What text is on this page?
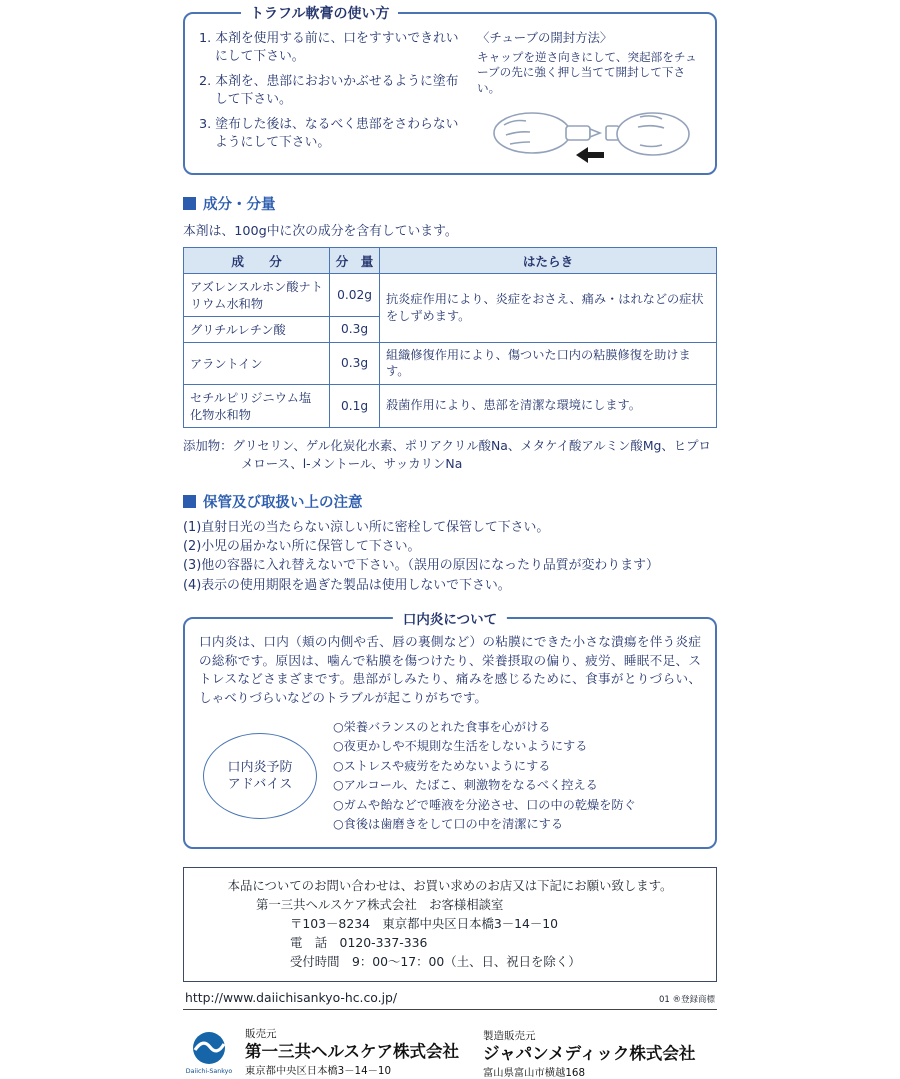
トラフル軟膏の使い方
1. 本剤を使用する前に、口をすすいできれいにして下さい。
2. 本剤を、患部におおいかぶせるように塗布して下さい。
3. 塗布した後は、なるべく患部をさわらないようにして下さい。
〈チューブの開封方法〉
キャップを逆さ向きにして、突起部をチューブの先に強く押し当てて開封して下さい。
成分・分量
本剤は、100g中に次の成分を含有しています。
成　　分	分　量	はたらき
アズレンスルホン酸ナトリウム水和物	0.02g	抗炎症作用により、炎症をおさえ、痛み・はれなどの症状をしずめます。
グリチルレチン酸	0.3g	
アラントイン	0.3g	組織修復作用により、傷ついた口内の粘膜修復を助けます。
セチルピリジニウム塩化物水和物	0.1g	殺菌作用により、患部を清潔な環境にします。
添加物：グリセリン、ゲル化炭化水素、ポリアクリル酸Na、メタケイ酸アルミン酸Mg、ヒプロメロース、l-メントール、サッカリンNa
保管及び取扱い上の注意
(1)直射日光の当たらない涼しい所に密栓して保管して下さい。
(2)小児の届かない所に保管して下さい。
(3)他の容器に入れ替えないで下さい。（誤用の原因になったり品質が変わります）
(4)表示の使用期限を過ぎた製品は使用しないで下さい。
口内炎について
口内炎は、口内（頬の内側や舌、唇の裏側など）の粘膜にできた小さな潰瘍を伴う炎症の総称です。原因は、噛んで粘膜を傷つけたり、栄養摂取の偏り、疲労、睡眠不足、ストレスなどさまざまです。患部がしみたり、痛みを感じるために、食事がとりづらい、しゃべりづらいなどのトラブルが起こりがちです。
口内炎予防
アドバイス
○栄養バランスのとれた食事を心がける
○夜更かしや不規則な生活をしないようにする
○ストレスや疲労をためないようにする
○アルコール、たばこ、刺激物をなるべく控える
○ガムや飴などで唾液を分泌させ、口の中の乾燥を防ぐ
○食後は歯磨きをして口の中を清潔にする
本品についてのお問い合わせは、お買い求めのお店又は下記にお願い致します。
第一三共ヘルスケア株式会社　お客様相談室
〒103－8234　東京都中央区日本橋3－14－10
電　話　0120-337-336
受付時間　9：00～17：00（土、日、祝日を除く）
http://www.daiichisankyo-hc.co.jp/	01 ®登録商標
Daiichi-Sankyo
販売元
第一三共ヘルスケア株式会社
東京都中央区日本橋3－14－10
製造販売元
ジャパンメディック株式会社
富山県富山市横越168
